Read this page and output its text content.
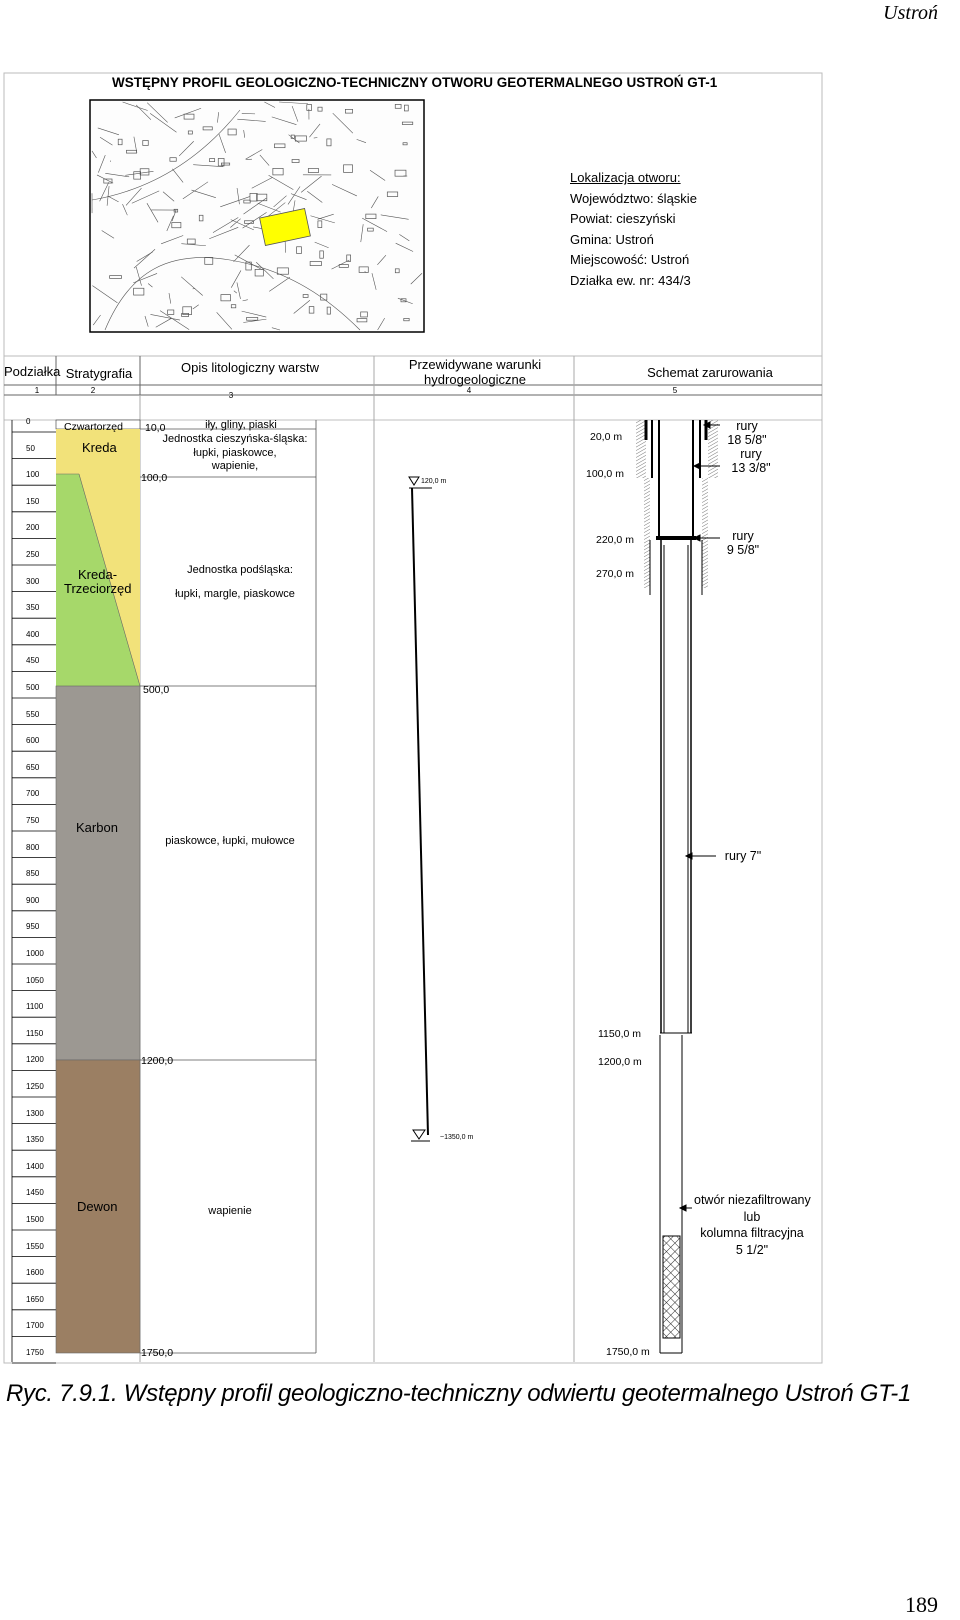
Ustroń
WSTĘPNY PROFIL GEOLOGICZNO-TECHNICZNY OTWORU GEOTERMALNEGO USTROŃ GT-1
Lokalizacja otworu:
Województwo: śląskie
Powiat: cieszyński
Gmina: Ustroń
Miejscowość: Ustroń
Działka ew. nr: 434/3
Podziałka Stratygrafia	Opis litologiczny warstw	Przewidywane warunki hydrogeologiczne	Schemat zarurowania
1	2
3
4	5
0
50
100
150
200
250
300
350
400
450
500
550
600
650
700
750
800
850
900
950
1000
1050
1100
1150
1200
1250
1300
1350
1400
1450
1500
1550
1600
1650
1700
1750
Czwartorzęd
Kreda
Kreda-
Trzeciorzęd
Karbon
Dewon
10,0
100,0
500,0
1200,0
1750,0
iły, gliny, piaski
Jednostka cieszyńska-śląska:
łupki, piaskowce,
wapienie,
Jednostka podśląska:
łupki, margle, piaskowce
piaskowce, łupki, mułowce
wapienie
120,0 m
~1350,0 m
20,0 m
100,0 m
220,0 m
270,0 m
1150,0 m
1200,0 m
1750,0 m
rury
18 5/8"
rury
13 3/8"
rury
9 5/8"
rury 7"
otwór niezafiltrowany
lub
kolumna filtracyjna
5 1/2"
Ryc. 7.9.1. Wstępny profil geologiczno-techniczny odwiertu geotermalnego Ustroń GT-1
189
